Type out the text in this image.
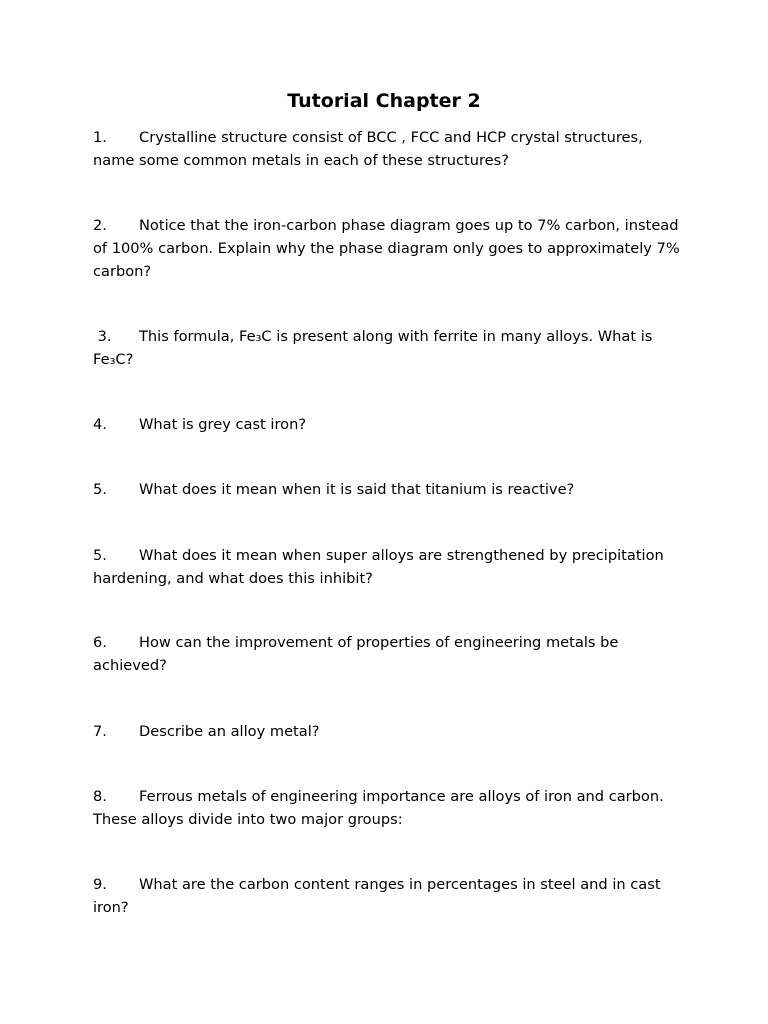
Tutorial Chapter 2

1. Crystalline structure consist of BCC , FCC and HCP crystal structures, name some common metals in each of these structures?

2. Notice that the iron-carbon phase diagram goes up to 7% carbon, instead of 100% carbon. Explain why the phase diagram only goes to approximately 7% carbon?

3. This formula, Fe₃C is present along with ferrite in many alloys. What is Fe₃C?

4. What is grey cast iron?

5. What does it mean when it is said that titanium is reactive?

5. What does it mean when super alloys are strengthened by precipitation hardening, and what does this inhibit?

6. How can the improvement of properties of engineering metals be achieved?

7. Describe an alloy metal?

8. Ferrous metals of engineering importance are alloys of iron and carbon. These alloys divide into two major groups:

9. What are the carbon content ranges in percentages in steel and in cast iron?
